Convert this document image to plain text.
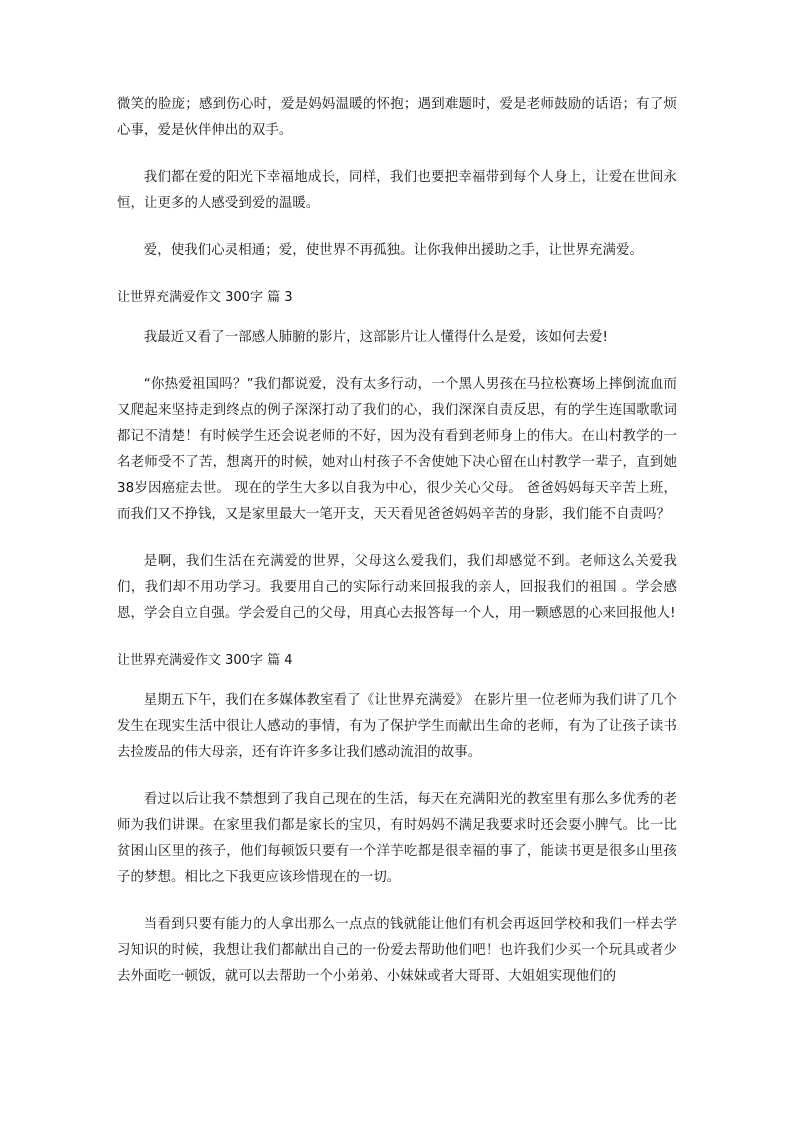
微笑的脸庞；感到伤心时，爱是妈妈温暖的怀抱；遇到难题时，爱是老师鼓励的话语；有了烦心事，爱是伙伴伸出的双手。

我们都在爱的阳光下幸福地成长，同样，我们也要把幸福带到每个人身上，让爱在世间永恒，让更多的人感受到爱的温暖。

爱，使我们心灵相通；爱，使世界不再孤独。让你我伸出援助之手，让世界充满爱。

让世界充满爱作文 300字 篇 3

我最近又看了一部感人肺腑的影片，这部影片让人懂得什么是爱，该如何去爱!

“你热爱祖国吗？”我们都说爱，没有太多行动，一个黑人男孩在马拉松赛场上摔倒流血而又爬起来坚持走到终点的例子深深打动了我们的心，我们深深自责反思，有的学生连国歌歌词都记不清楚！有时候学生还会说老师的不好，因为没有看到老师身上的伟大。在山村教学的一名老师受不了苦，想离开的时候，她对山村孩子不舍使她下决心留在山村教学一辈子，直到她 38岁因癌症去世。 现在的学生大多以自我为中心，很少关心父母。 爸爸妈妈每天辛苦上班，而我们又不挣钱，又是家里最大一笔开支，天天看见爸爸妈妈辛苦的身影，我们能不自责吗？

是啊，我们生活在充满爱的世界，父母这么爱我们，我们却感觉不到。老师这么关爱我们，我们却不用功学习。我要用自己的实际行动来回报我的亲人，回报我们的祖国 。学会感恩，学会自立自强。学会爱自己的父母，用真心去报答每一个人，用一颗感恩的心来回报他人!

让世界充满爱作文 300字 篇 4

星期五下午，我们在多媒体教室看了《让世界充满爱》 在影片里一位老师为我们讲了几个发生在现实生活中很让人感动的事情，有为了保护学生而献出生命的老师，有为了让孩子读书去捡废品的伟大母亲，还有许许多多让我们感动流泪的故事。

看过以后让我不禁想到了我自己现在的生活，每天在充满阳光的教室里有那么多优秀的老师为我们讲课。在家里我们都是家长的宝贝，有时妈妈不满足我要求时还会耍小脾气。比一比贫困山区里的孩子，他们每顿饭只要有一个洋芋吃都是很幸福的事了，能读书更是很多山里孩子的梦想。相比之下我更应该珍惜现在的一切。

当看到只要有能力的人拿出那么一点点的钱就能让他们有机会再返回学校和我们一样去学习知识的时候，我想让我们都献出自己的一份爱去帮助他们吧！也许我们少买一个玩具或者少去外面吃一顿饭，就可以去帮助一个小弟弟、小妹妹或者大哥哥、大姐姐实现他们的
